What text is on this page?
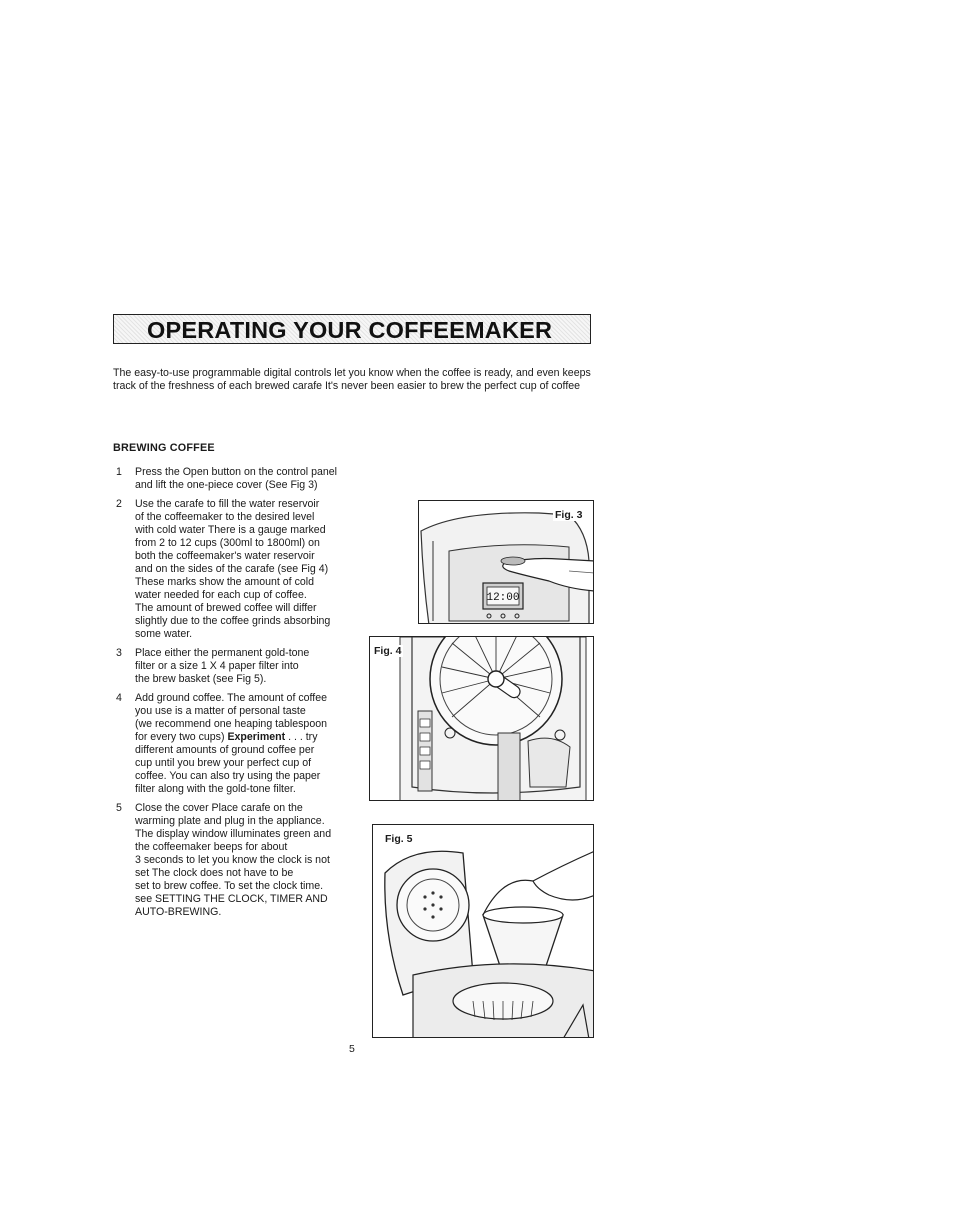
OPERATING YOUR COFFEEMAKER

The easy-to-use programmable digital controls let you know when the coffee is ready, and even keeps track of the freshness of each brewed carafe It's never been easier to brew the perfect cup of coffee

BREWING COFFEE
1 Press the Open button on the control panel
and lift the one-piece cover (See Fig 3)
2 Use the carafe to fill the water reservoir
of the coffeemaker to the desired level
with cold water There is a gauge marked
from 2 to 12 cups (300ml to 1800ml) on
both the coffeemaker's water reservoir
and on the sides of the carafe (see Fig 4)
These marks show the amount of cold
water needed for each cup of coffee.
The amount of brewed coffee will differ
slightly due to the coffee grinds absorbing
some water.
3 Place either the permanent gold-tone
filter or a size 1 X 4 paper filter into
the brew basket (see Fig 5).
4 Add ground coffee. The amount of coffee
you use is a matter of personal taste
(we recommend one heaping tablespoon
for every two cups) Experiment . . . try
different amounts of ground coffee per
cup until you brew your perfect cup of
coffee. You can also try using the paper
filter along with the gold-tone filter.
5 Close the cover Place carafe on the
warming plate and plug in the appliance.
The display window illuminates green and
the coffeemaker beeps for about
3 seconds to let you know the clock is not
set The clock does not have to be
set to brew coffee. To set the clock time.
see SETTING THE CLOCK, TIMER AND
AUTO-BREWING.
12:00
Fig. 3
Fig. 4
Fig. 5
5
